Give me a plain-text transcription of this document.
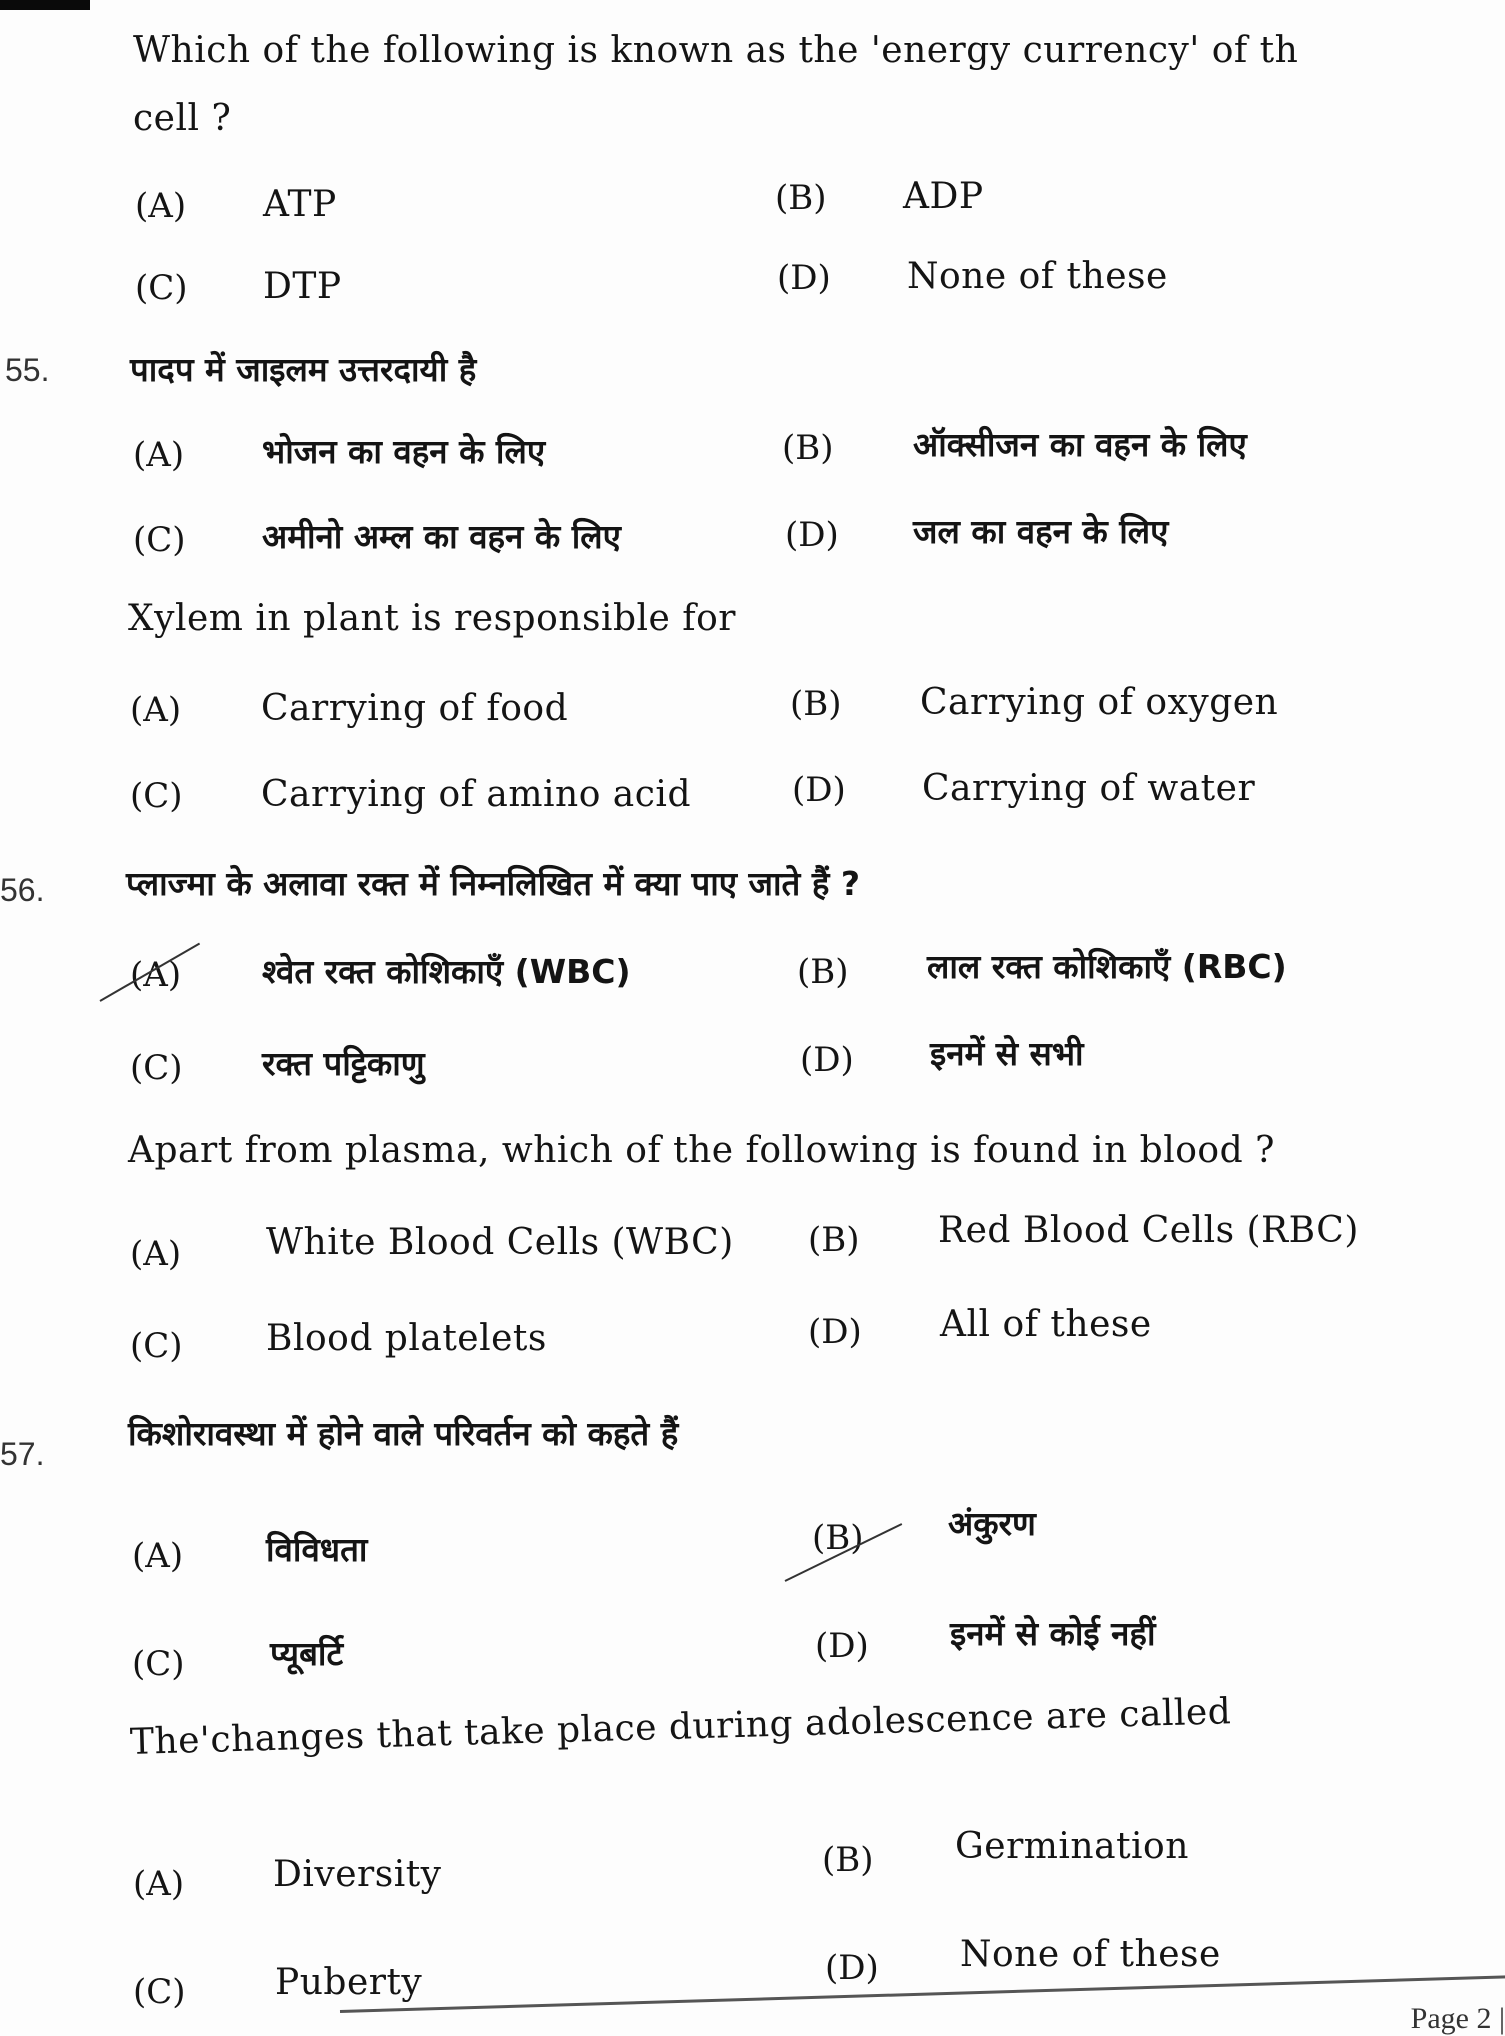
Which of the following is known as the 'energy currency' of th
cell ?
(A) ATP	(B) ADP
(C) DTP	(D) None of these
55. पादप में जाइलम उत्तरदायी है
(A) भोजन का वहन के लिए	(B) ऑक्सीजन का वहन के लिए
(C) अमीनो अम्ल का वहन के लिए	(D) जल का वहन के लिए
Xylem in plant is responsible for
(A) Carrying of food	(B) Carrying of oxygen
(C) Carrying of amino acid	(D) Carrying of water
56. प्लाज्मा के अलावा रक्त में निम्नलिखित में क्या पाए जाते हैं ?
(A) श्वेत रक्त कोशिकाएँ (WBC)	(B) लाल रक्त कोशिकाएँ (RBC)
(C) रक्त पट्टिकाणु	(D) इनमें से सभी
Apart from plasma, which of the following is found in blood ?
(A) White Blood Cells (WBC) (B) Red Blood Cells (RBC)
(C) Blood platelets	(D) All of these
57.
किशोरावस्था में होने वाले परिवर्तन को कहते हैं
(A)	विविधता	(B)	अंकुरण
(C)	प्यूबर्टि	(D) इनमें से कोई नहीं
The'changes that take place during adolescence are called
(A) Diversity	(B) Germination
(C) Puberty	(D) None of these
Page 2 |
